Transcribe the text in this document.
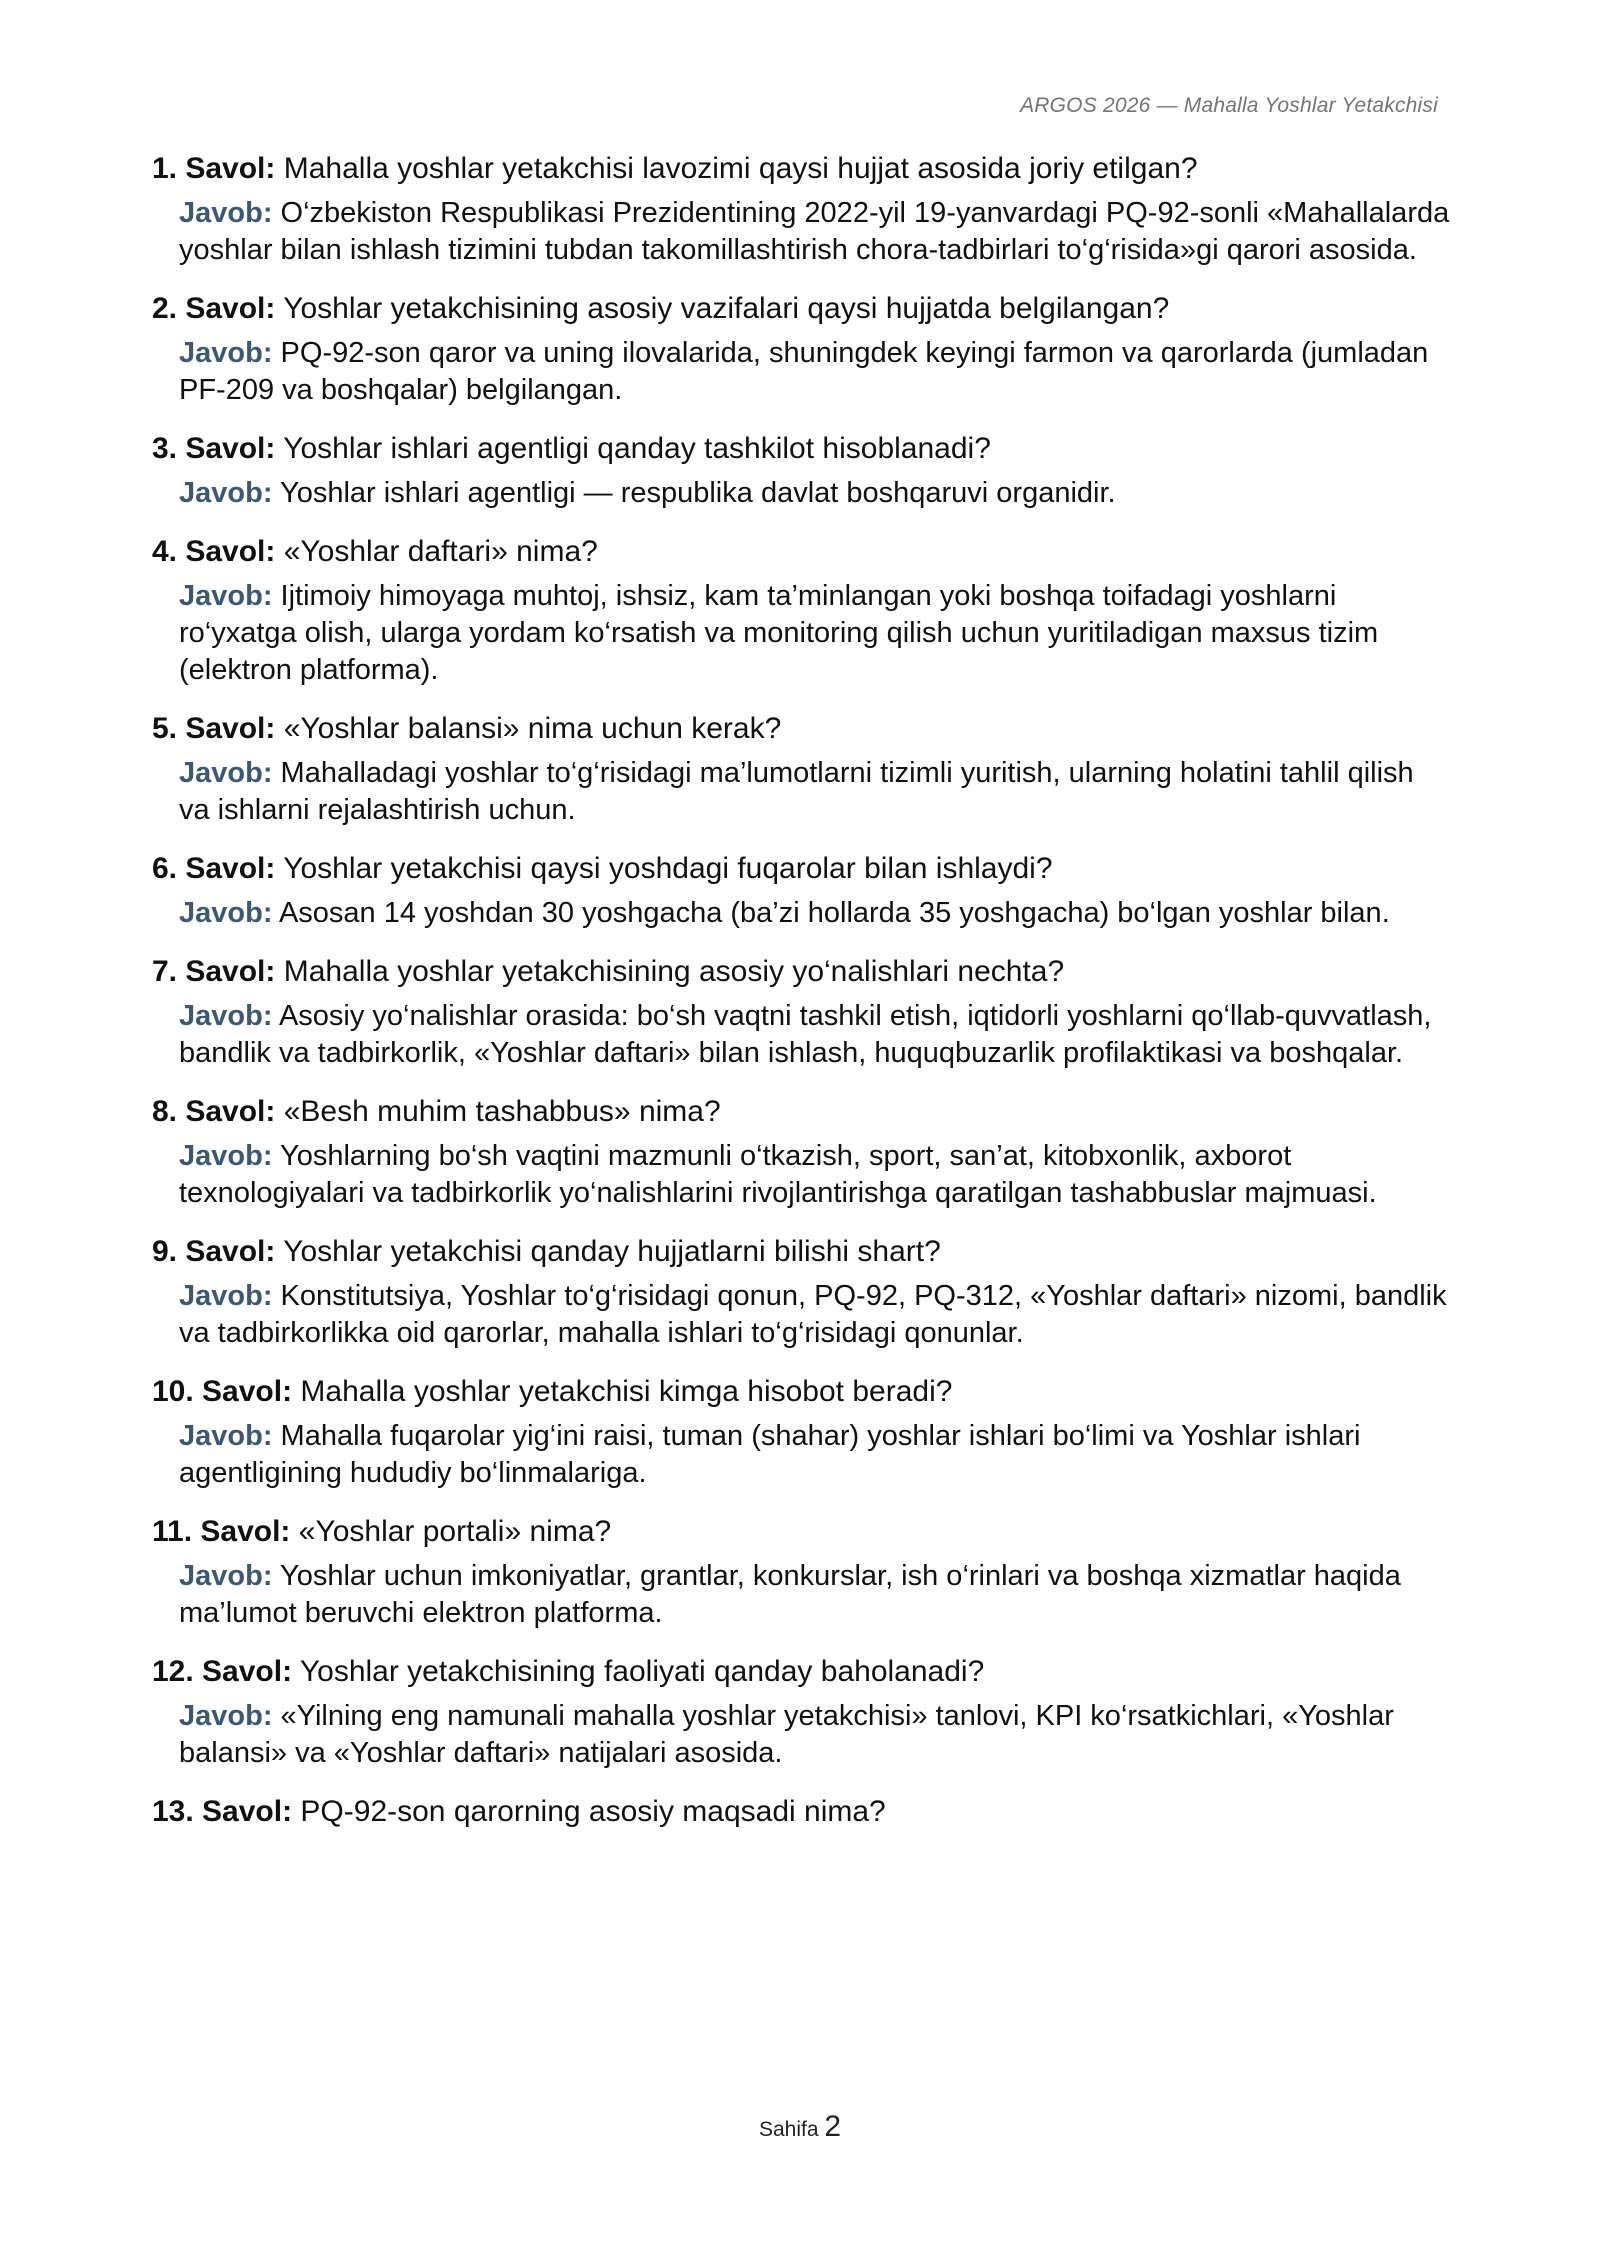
ARGOS 2026 — Mahalla Yoshlar Yetakchisi

1. Savol: Mahalla yoshlar yetakchisi lavozimi qaysi hujjat asosida joriy etilgan?

Javob: O‘zbekiston Respublikasi Prezidentining 2022-yil 19-yanvardagi PQ-92-sonli «Mahallalarda yoshlar bilan ishlash tizimini tubdan takomillashtirish chora-tadbirlari to‘g‘risida»gi qarori asosida.

2. Savol: Yoshlar yetakchisining asosiy vazifalari qaysi hujjatda belgilangan?

Javob: PQ-92-son qaror va uning ilovalarida, shuningdek keyingi farmon va qarorlarda (jumladan PF-209 va boshqalar) belgilangan.

3. Savol: Yoshlar ishlari agentligi qanday tashkilot hisoblanadi?

Javob: Yoshlar ishlari agentligi — respublika davlat boshqaruvi organidir.

4. Savol: «Yoshlar daftari» nima?

Javob: Ijtimoiy himoyaga muhtoj, ishsiz, kam ta’minlangan yoki boshqa toifadagi yoshlarni ro‘yxatga olish, ularga yordam ko‘rsatish va monitoring qilish uchun yuritiladigan maxsus tizim (elektron platforma).

5. Savol: «Yoshlar balansi» nima uchun kerak?

Javob: Mahalladagi yoshlar to‘g‘risidagi ma’lumotlarni tizimli yuritish, ularning holatini tahlil qilish va ishlarni rejalashtirish uchun.

6. Savol: Yoshlar yetakchisi qaysi yoshdagi fuqarolar bilan ishlaydi?

Javob: Asosan 14 yoshdan 30 yoshgacha (ba’zi hollarda 35 yoshgacha) bo‘lgan yoshlar bilan.

7. Savol: Mahalla yoshlar yetakchisining asosiy yo‘nalishlari nechta?

Javob: Asosiy yo‘nalishlar orasida: bo‘sh vaqtni tashkil etish, iqtidorli yoshlarni qo‘llab-quvvatlash, bandlik va tadbirkorlik, «Yoshlar daftari» bilan ishlash, huquqbuzarlik profilaktikasi va boshqalar.

8. Savol: «Besh muhim tashabbus» nima?

Javob: Yoshlarning bo‘sh vaqtini mazmunli o‘tkazish, sport, san’at, kitobxonlik, axborot texnologiyalari va tadbirkorlik yo‘nalishlarini rivojlantirishga qaratilgan tashabbuslar majmuasi.

9. Savol: Yoshlar yetakchisi qanday hujjatlarni bilishi shart?

Javob: Konstitutsiya, Yoshlar to‘g‘risidagi qonun, PQ-92, PQ-312, «Yoshlar daftari» nizomi, bandlik va tadbirkorlikka oid qarorlar, mahalla ishlari to‘g‘risidagi qonunlar.

10. Savol: Mahalla yoshlar yetakchisi kimga hisobot beradi?

Javob: Mahalla fuqarolar yig‘ini raisi, tuman (shahar) yoshlar ishlari bo‘limi va Yoshlar ishlari agentligining hududiy bo‘linmalariga.

11. Savol: «Yoshlar portali» nima?

Javob: Yoshlar uchun imkoniyatlar, grantlar, konkurslar, ish o‘rinlari va boshqa xizmatlar haqida ma’lumot beruvchi elektron platforma.

12. Savol: Yoshlar yetakchisining faoliyati qanday baholanadi?

Javob: «Yilning eng namunali mahalla yoshlar yetakchisi» tanlovi, KPI ko‘rsatkichlari, «Yoshlar balansi» va «Yoshlar daftari» natijalari asosida.

13. Savol: PQ-92-son qarorning asosiy maqsadi nima?

Sahifa 2
